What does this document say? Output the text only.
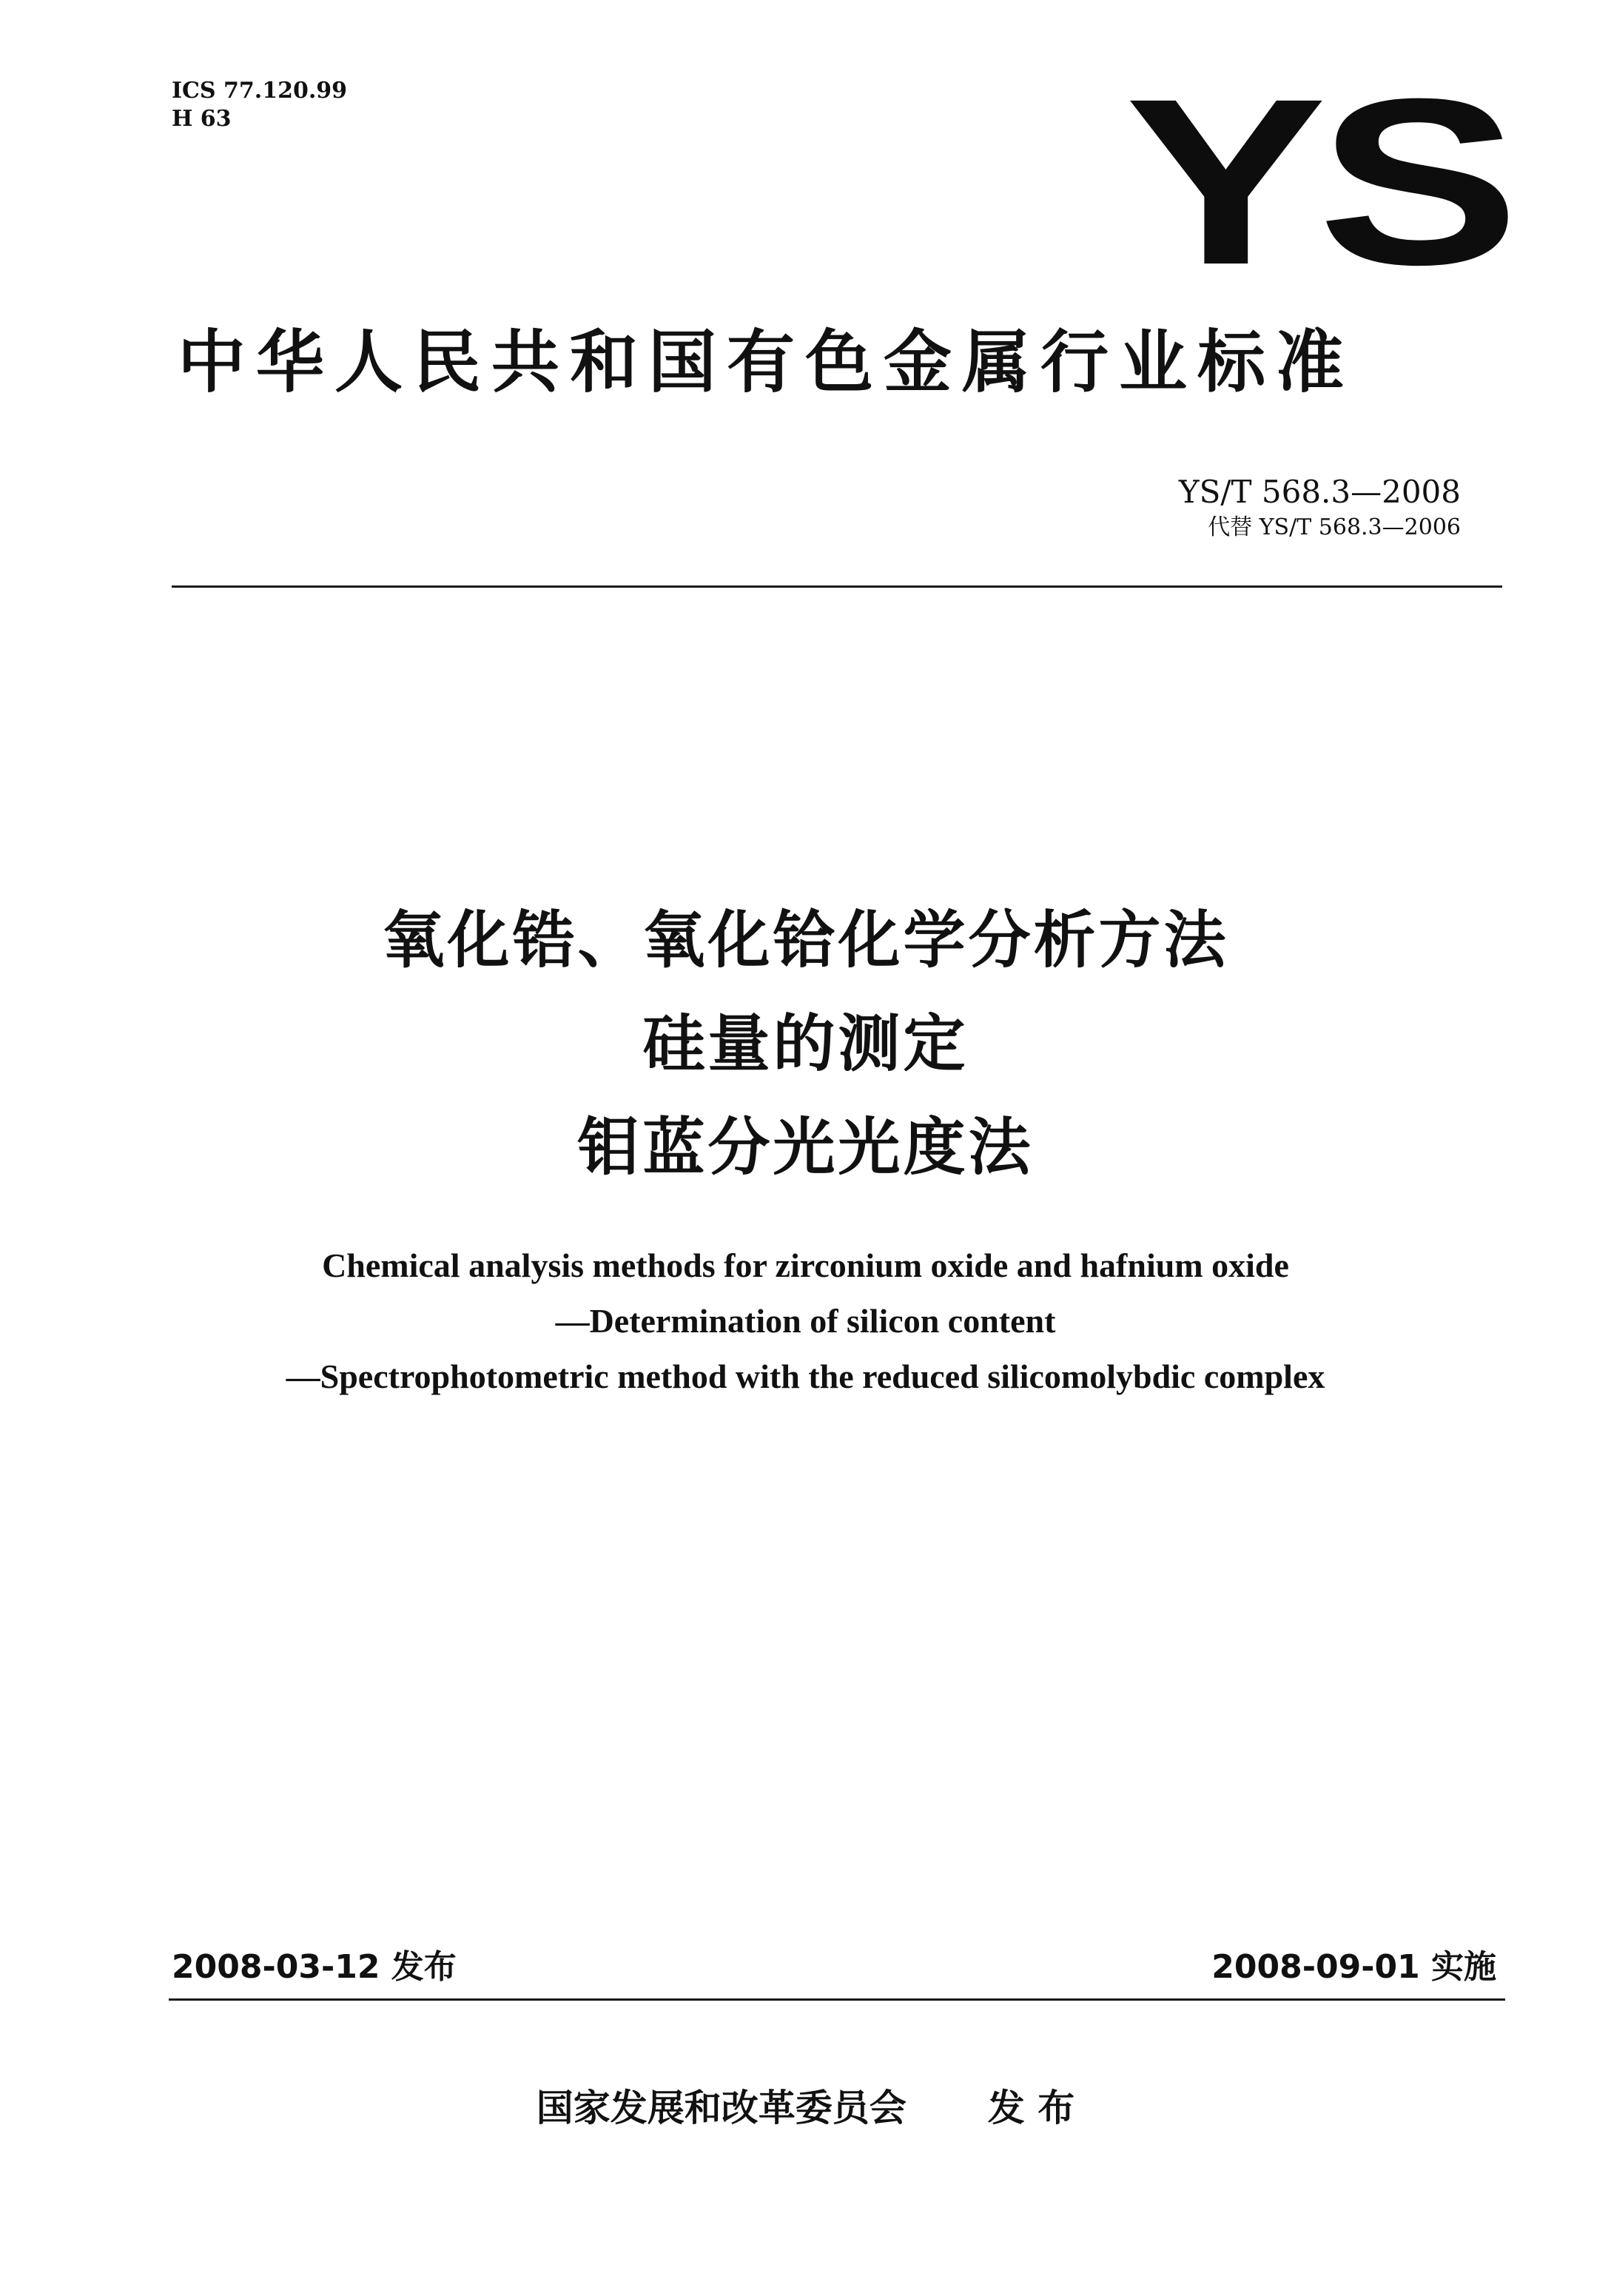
ICS 77.120.99
H 63	YS
中华人民共和国有色金属行业标准
YS/T 568.3—2008
代替 YS/T 568.3—2006
氧化锆、氧化铪化学分析方法
硅量的测定
钼蓝分光光度法
Chemical analysis methods for zirconium oxide and hafnium oxide
—Determination of silicon content
—Spectrophotometric method with the reduced silicomolybdic complex
2008-03-12 发布	2008-09-01 实施
国家发展和改革委员会 发 布
